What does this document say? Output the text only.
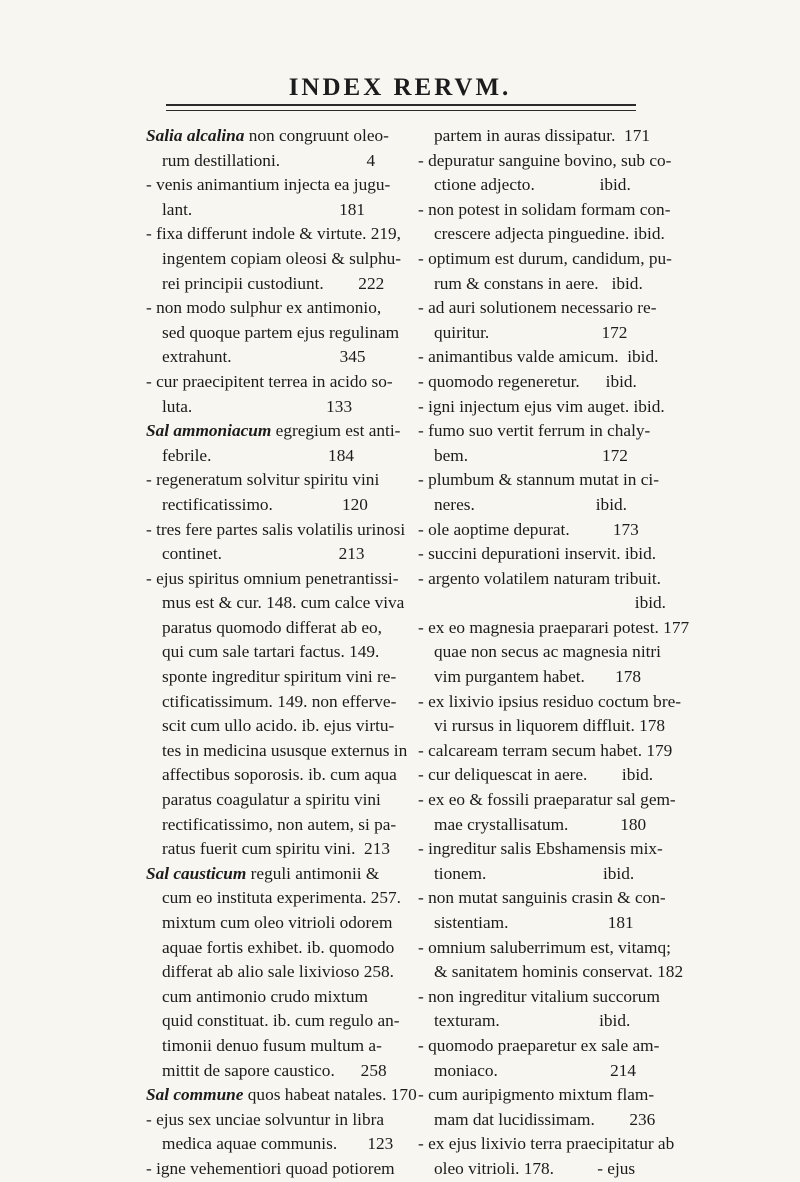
INDEX RERVM.
Salia alcalina non congruunt oleo-
rum destillationi.                    4
- venis animantium injecta ea jugu-
lant.                                  181
- fixa differunt indole & virtute. 219,
ingentem copiam oleosi & sulphu-
rei principii custodiunt.        222
- non modo sulphur ex antimonio,
sed quoque partem ejus regulinam
extrahunt.                         345
- cur praecipitent terrea in acido so-
luta.                               133
Sal ammoniacum egregium est anti-
febrile.                           184
- regeneratum solvitur spiritu vini
rectificatissimo.                120
- tres fere partes salis volatilis urinosi
continet.                           213
- ejus spiritus omnium penetrantissi-
mus est & cur. 148. cum calce viva
paratus quomodo differat ab eo,
qui cum sale tartari factus. 149.
sponte ingreditur spiritum vini re-
ctificatissimum. 149. non efferve-
scit cum ullo acido. ib. ejus virtu-
tes in medicina ususque externus in
affectibus soporosis. ib. cum aqua
paratus coagulatur a spiritu vini
rectificatissimo, non autem, si pa-
ratus fuerit cum spiritu vini.  213
Sal causticum reguli antimonii &
cum eo instituta experimenta. 257.
mixtum cum oleo vitrioli odorem
aquae fortis exhibet. ib. quomodo
differat ab alio sale lixivioso 258.
cum antimonio crudo mixtum
quid constituat. ib. cum regulo an-
timonii denuo fusum multum a-
mittit de sapore caustico.      258
Sal commune quos habeat natales. 170
- ejus sex unciae solvuntur in libra
medica aquae communis.       123
- igne vehementiori quoad potiorem
partem in auras dissipatur.  171
- depuratur sanguine bovino, sub co-
ctione adjecto.               ibid.
- non potest in solidam formam con-
crescere adjecta pinguedine. ibid.
- optimum est durum, candidum, pu-
rum & constans in aere.   ibid.
- ad auri solutionem necessario re-
quiritur.                          172
- animantibus valde amicum.  ibid.
- quomodo regeneretur.      ibid.
- igni injectum ejus vim auget. ibid.
- fumo suo vertit ferrum in chaly-
bem.                               172
- plumbum & stannum mutat in ci-
neres.                            ibid.
- ole aoptime depurat.          173
- succini depurationi inservit. ibid.
- argento volatilem naturam tribuit.
ibid.
- ex eo magnesia praeparari potest. 177
quae non secus ac magnesia nitri
vim purgantem habet.       178
- ex lixivio ipsius residuo coctum bre-
vi rursus in liquorem diffluit. 178
- calcaream terram secum habet. 179
- cur deliquescat in aere.        ibid.
- ex eo & fossili praeparatur sal gem-
mae crystallisatum.            180
- ingreditur salis Ebshamensis mix-
tionem.                           ibid.
- non mutat sanguinis crasin & con-
sistentiam.                       181
- omnium saluberrimum est, vitamq;
& sanitatem hominis conservat. 182
- non ingreditur vitalium succorum
texturam.                       ibid.
- quomodo praeparetur ex sale am-
moniaco.                          214
- cum auripigmento mixtum flam-
mam dat lucidissimam.        236
- ex ejus lixivio terra praecipitatur ab
oleo vitrioli. 178.          - ejus
